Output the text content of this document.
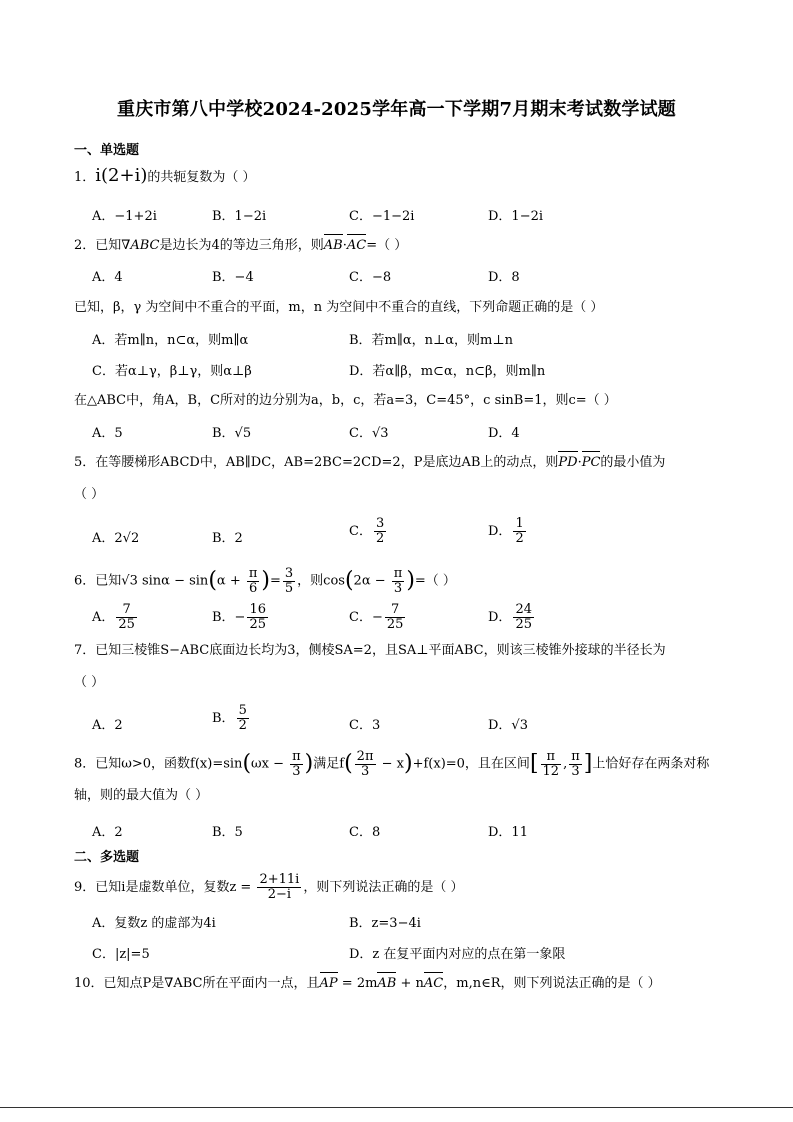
重庆市第八中学校2024-2025学年高一下学期7月期末考试数学试题
一、单选题
1．i(2+i)的共轭复数为（ ）
A．−1+2i	B．1−2i	C．−1−2i	D．1−2i
2．已知∇ABC是边长为4的等边三角形，则AB·AC=（ ）
A．4	B．−4	C．−8	D．8
已知，β，γ 为空间中不重合的平面，m，n 为空间中不重合的直线，下列命题正确的是（ ）
A．若m∥n，n⊂α，则m∥α	B．若m∥α，n⊥α，则m⊥n
C．若α⊥γ，β⊥γ，则α⊥β	D．若α∥β，m⊂α，n⊂β，则m∥n
在△ABC中，角A，B，C所对的边分别为a，b，c，若a=3，C=45°，c sinB=1，则c=（ ）
A．5	B．√5	C．√3	D．4
5．在等腰梯形ABCD中，AB∥DC，AB=2BC=2CD=2，P是底边AB上的动点，则PD·PC的最小值为
（ ）
A．2√2	B．2	C． $\frac{3}{2}$	D． $\frac{1}{2}$
6．已知√3 $\sin\alpha - \sin(\alpha + \frac{\pi}{6}$ )= $\frac{3}{5}$ ，则$\cos(2\alpha - \frac{\pi}{3}$ )=（ ）
A． $\frac{7}{25}$	B．− $\frac{16}{25}$	C．− $\frac{7}{25}$	D． $\frac{24}{25}$
7．已知三棱锥S−ABC底面边长均为3，侧棱SA=2，且SA⊥平面ABC，则该三棱锥外接球的半径长为
（ ）
A．2	B． $\frac{5}{2}$	C．3	D．√3
8．已知ω>0，函数$f(x)=\sin(\omega x - \frac{\pi}{3}$ )满足$f( \frac{2\pi}{3} - x)+f(x)=0$，且在区间[ $\frac{\pi}{12}$ , $\frac{\pi}{3}$ ]上恰好存在两条对称
轴，则的最大值为（ ）
A．2	B．5	C．8	D．11
二、多选题
9．已知i是虚数单位，复数$z = \frac{2+11i}{2-i}$ ，则下列说法正确的是（ ）
A．复数z 的虚部为4i	B．z=3−4i
C．|z|=5	D．z 在复平面内对应的点在第一象限
10．已知点P是∇ABC所在平面内一点，且AP = 2mAB + nAC，m,n∈R，则下列说法正确的是（ ）
